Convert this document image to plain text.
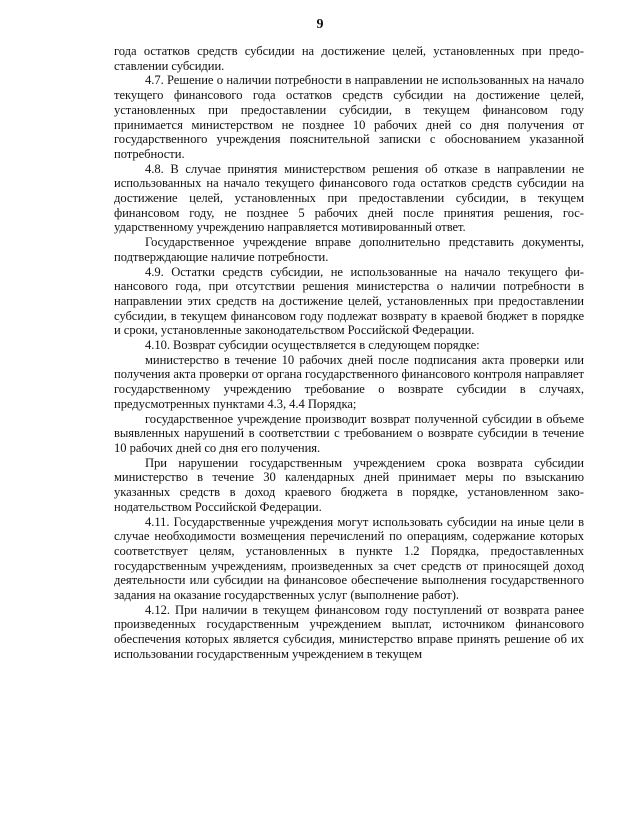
9

года остатков средств субсидии на достижение целей, установленных при предоставлении субсидии.

4.7. Решение о наличии потребности в направлении не использованных на начало текущего финансового года остатков средств субсидии на достижение целей, установленных при предоставлении субсидии, в текущем финансовом году принимается министерством не позднее 10 рабочих дней со дня получения от государственного учреждения пояснительной записки с обоснованием указанной потребности.

4.8. В случае принятия министерством решения об отказе в направлении не использованных на начало текущего финансового года остатков средств субсидии на достижение целей, установленных при предоставлении субсидии, в текущем финансовом году, не позднее 5 рабочих дней после принятия решения, государственному учреждению направляется мотивированный ответ.

Государственное учреждение вправе дополнительно представить документы, подтверждающие наличие потребности.

4.9. Остатки средств субсидии, не использованные на начало текущего финансового года, при отсутствии решения министерства о наличии потребности в направлении этих средств на достижение целей, установленных при предоставлении субсидии, в текущем финансовом году подлежат возврату в краевой бюджет в порядке и сроки, установленные законодательством Российской Федерации.

4.10. Возврат субсидии осуществляется в следующем порядке:

министерство в течение 10 рабочих дней после подписания акта проверки или получения акта проверки от органа государственного финансового контроля направляет государственному учреждению требование о возврате субсидии в случаях, предусмотренных пунктами 4.3, 4.4 Порядка;

государственное учреждение производит возврат полученной субсидии в объеме выявленных нарушений в соответствии с требованием о возврате субсидии в течение 10 рабочих дней со дня его получения.

При нарушении государственным учреждением срока возврата субсидии министерство в течение 30 календарных дней принимает меры по взысканию указанных средств в доход краевого бюджета в порядке, установленном законодательством Российской Федерации.

4.11. Государственные учреждения могут использовать субсидии на иные цели в случае необходимости возмещения перечислений по операциям, содержание которых соответствует целям, установленных в пункте 1.2 Порядка, предоставленных государственным учреждениям, произведенных за счет средств от приносящей доход деятельности или субсидии на финансовое обеспечение выполнения государственного задания на оказание государственных услуг (выполнение работ).

4.12. При наличии в текущем финансовом году поступлений от возврата ранее произведенных государственным учреждением выплат, источником финансового обеспечения которых является субсидия, министерство вправе принять решение об их использовании государственным учреждением в текущем
